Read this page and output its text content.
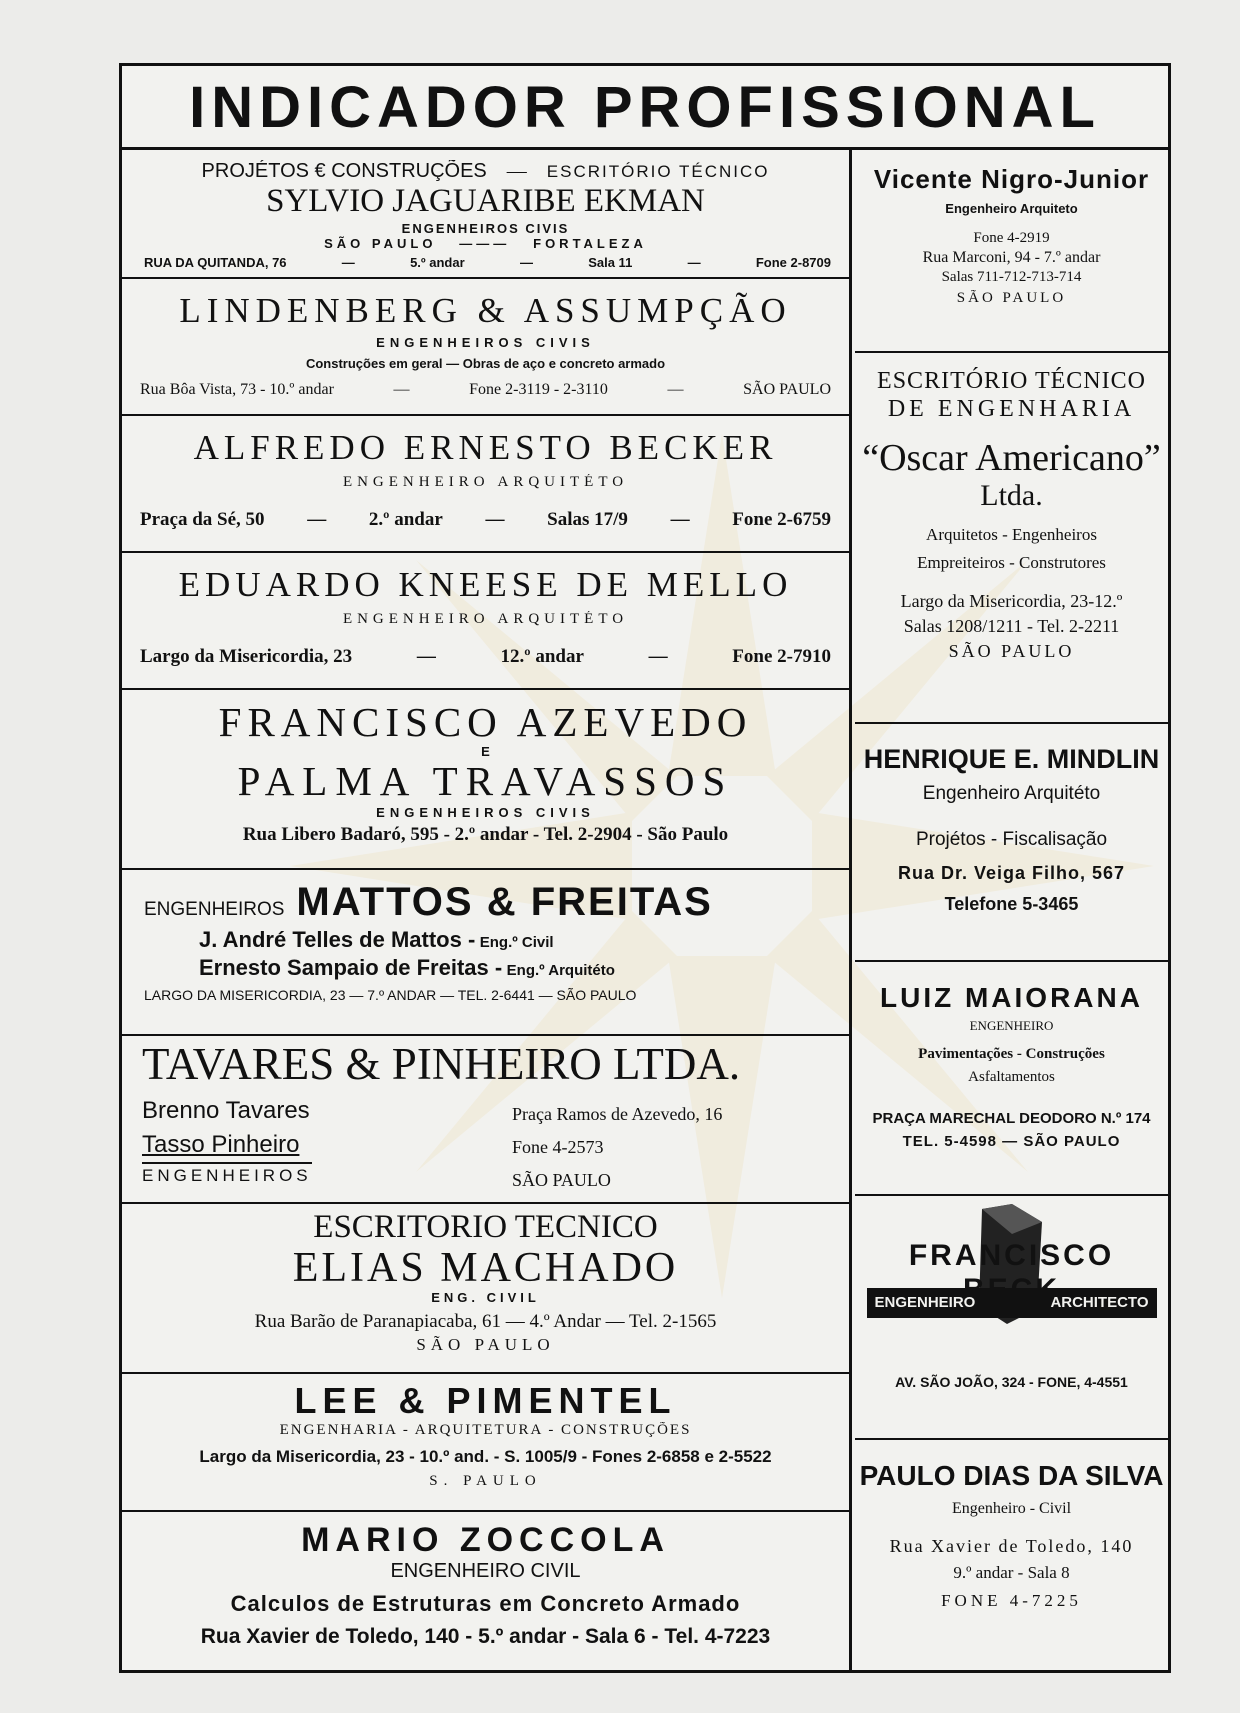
INDICADOR PROFISSIONAL
PROJÉTOS € CONSTRUÇÕES — ESCRITÓRIO TÉCNICO
SYLVIO JAGUARIBE EKMAN
ENGENHEIROS CIVIS
SÃO PAULO ——— FORTALEZA
RUA DA QUITANDA, 76	—	5.º andar	—	Sala 11	—	Fone 2-8709
LINDENBERG & ASSUMPÇÃO
ENGENHEIROS CIVIS
Construções em geral — Obras de aço e concreto armado
Rua Bôa Vista, 73 - 10.º andar	—	Fone 2-3119 - 2-3110	—	SÃO PAULO
ALFREDO ERNESTO BECKER
ENGENHEIRO ARQUITÉTO
Praça da Sé, 50 — 2.º andar — Salas 17/9 — Fone 2-6759
EDUARDO KNEESE DE MELLO
ENGENHEIRO ARQUITÉTO
Largo da Misericordia, 23	—	12.º andar	—	Fone 2-7910
FRANCISCO AZEVEDO
E
PALMA TRAVASSOS
ENGENHEIROS CIVIS
Rua Libero Badaró, 595 - 2.º andar - Tel. 2-2904 - São Paulo
ENGENHEIROS MATTOS & FREITAS
J. André Telles de Mattos - Eng.º Civil
Ernesto Sampaio de Freitas - Eng.º Arquitéto
LARGO DA MISERICORDIA, 23 — 7.º ANDAR — TEL. 2-6441 — SÃO PAULO
TAVARES & PINHEIRO LTDA.
Brenno Tavares
Tasso Pinheiro
ENGENHEIROS
Praça Ramos de Azevedo, 16
Fone 4-2573
SÃO PAULO
ESCRITORIO TECNICO
ELIAS MACHADO
ENG. CIVIL
Rua Barão de Paranapiacaba, 61 — 4.º Andar — Tel. 2-1565
SÃO PAULO
LEE & PIMENTEL
ENGENHARIA - ARQUITETURA - CONSTRUÇÕES
Largo da Misericordia, 23 - 10.º and. - S. 1005/9 - Fones 2-6858 e 2-5522
S. PAULO
MARIO ZOCCOLA
ENGENHEIRO CIVIL
Calculos de Estruturas em Concreto Armado
Rua Xavier de Toledo, 140 - 5.º andar - Sala 6 - Tel. 4-7223
Vicente Nigro-Junior
Engenheiro Arquiteto
Fone 4-2919
Rua Marconi, 94 - 7.º andar
Salas 711-712-713-714
SÃO PAULO
ESCRITÓRIO TÉCNICO
DE ENGENHARIA
“Oscar Americano”
Ltda.
Arquitetos - Engenheiros
Empreiteiros - Construtores
Largo da Misericordia, 23-12.º
Salas 1208/1211 - Tel. 2-2211
SÃO PAULO
HENRIQUE E. MINDLIN
Engenheiro Arquitéto
Projétos - Fiscalisação
Rua Dr. Veiga Filho, 567
Telefone 5-3465
LUIZ MAIORANA
ENGENHEIRO
Pavimentações - Construções
Asfaltamentos
PRAÇA MARECHAL DEODORO N.º 174
TEL. 5-4598 — SÃO PAULO
FRANCISCO
ENGENHEIRO	ARCHITECTO
AV. SÃO JOÃO, 324 - FONE, 4-4551
PAULO DIAS DA SILVA
Engenheiro - Civil
Rua Xavier de Toledo, 140
9.º andar - Sala 8
FONE 4-7225
